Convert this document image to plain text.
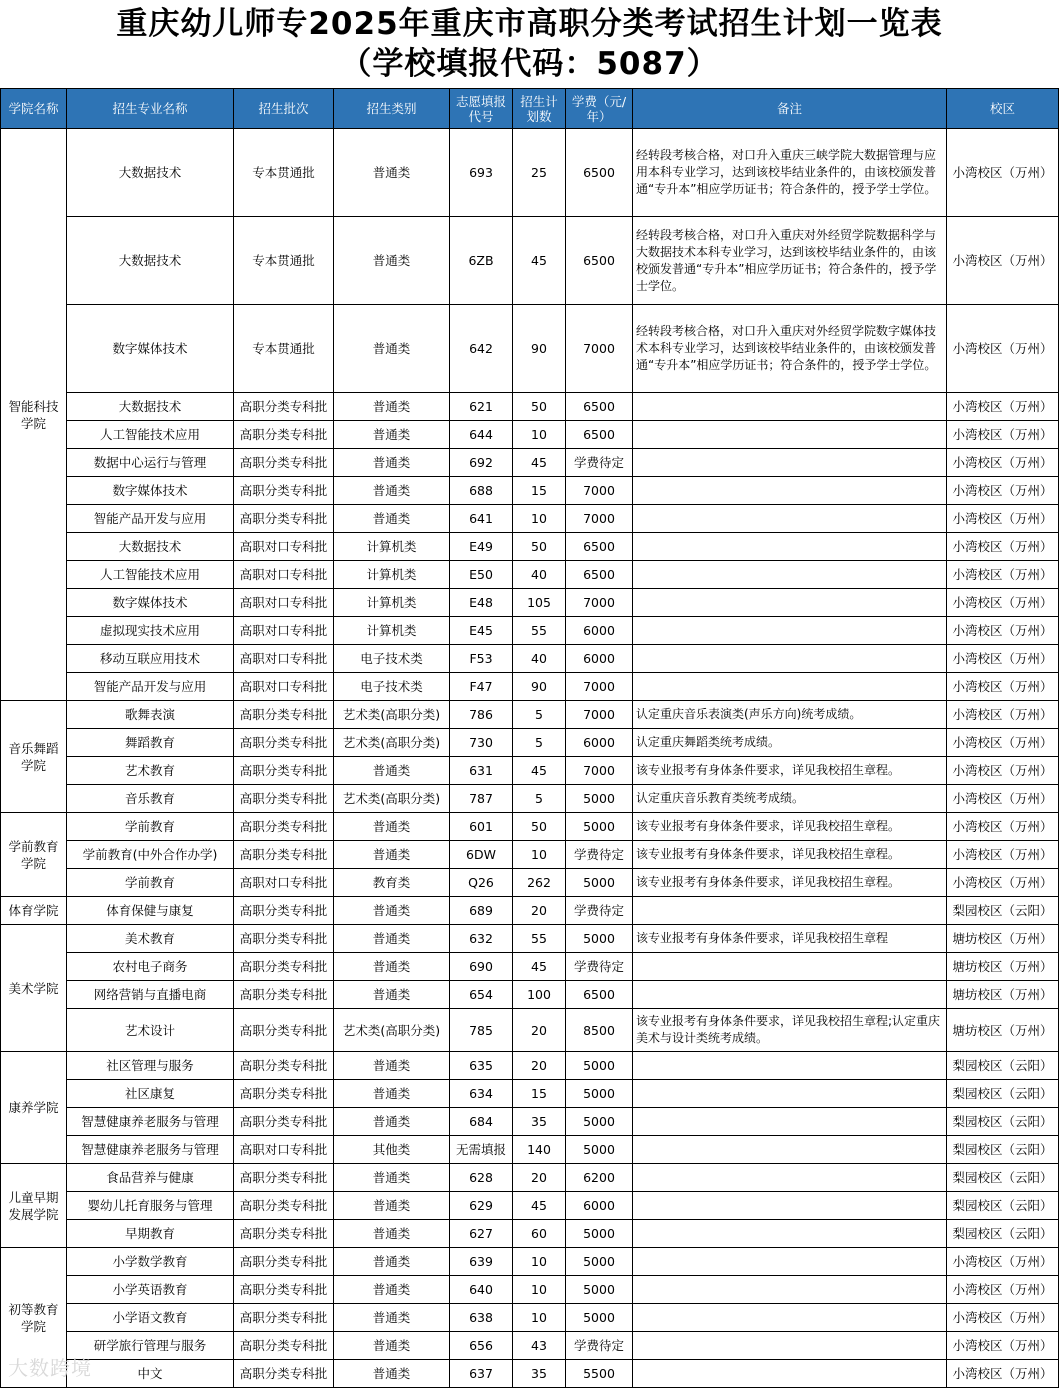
重庆幼儿师专2025年重庆市高职分类考试招生计划一览表
（学校填报代码：5087）
学院名称	招生专业名称	招生批次	招生类别	志愿填报代号	招生计划数	学费（元/年）	备注	校区
智能科技学院	大数据技术	专本贯通批	普通类	693	25	6500	经转段考核合格，对口升入重庆三峡学院大数据管理与应用本科专业学习，达到该校毕结业条件的，由该校颁发普通“专升本”相应学历证书；符合条件的，授予学士学位。	小湾校区（万州）
	大数据技术	专本贯通批	普通类	6ZB	45	6500	经转段考核合格，对口升入重庆对外经贸学院数据科学与大数据技术本科专业学习，达到该校毕结业条件的，由该校颁发普通“专升本”相应学历证书；符合条件的，授予学士学位。	小湾校区（万州）
	数字媒体技术	专本贯通批	普通类	642	90	7000	经转段考核合格，对口升入重庆对外经贸学院数字媒体技术本科专业学习，达到该校毕结业条件的，由该校颁发普通“专升本”相应学历证书；符合条件的，授予学士学位。	小湾校区（万州）
	大数据技术	高职分类专科批	普通类	621	50	6500		小湾校区（万州）
	人工智能技术应用	高职分类专科批	普通类	644	10	6500		小湾校区（万州）
	数据中心运行与管理	高职分类专科批	普通类	692	45	学费待定		小湾校区（万州）
	数字媒体技术	高职分类专科批	普通类	688	15	7000		小湾校区（万州）
	智能产品开发与应用	高职分类专科批	普通类	641	10	7000		小湾校区（万州）
	大数据技术	高职对口专科批	计算机类	E49	50	6500		小湾校区（万州）
	人工智能技术应用	高职对口专科批	计算机类	E50	40	6500		小湾校区（万州）
	数字媒体技术	高职对口专科批	计算机类	E48	105	7000		小湾校区（万州）
	虚拟现实技术应用	高职对口专科批	计算机类	E45	55	6000		小湾校区（万州）
	移动互联应用技术	高职对口专科批	电子技术类	F53	40	6000		小湾校区（万州）
	智能产品开发与应用	高职对口专科批	电子技术类	F47	90	7000		小湾校区（万州）
音乐舞蹈学院	歌舞表演	高职分类专科批	艺术类(高职分类)	786	5	7000	认定重庆音乐表演类(声乐方向)统考成绩。	小湾校区（万州）
	舞蹈教育	高职分类专科批	艺术类(高职分类)	730	5	6000	认定重庆舞蹈类统考成绩。	小湾校区（万州）
	艺术教育	高职分类专科批	普通类	631	45	7000	该专业报考有身体条件要求，详见我校招生章程。	小湾校区（万州）
	音乐教育	高职分类专科批	艺术类(高职分类)	787	5	5000	认定重庆音乐教育类统考成绩。	小湾校区（万州）
学前教育学院	学前教育	高职分类专科批	普通类	601	50	5000	该专业报考有身体条件要求，详见我校招生章程。	小湾校区（万州）
	学前教育(中外合作办学)	高职分类专科批	普通类	6DW	10	学费待定	该专业报考有身体条件要求，详见我校招生章程。	小湾校区（万州）
	学前教育	高职对口专科批	教育类	Q26	262	5000	该专业报考有身体条件要求，详见我校招生章程。	小湾校区（万州）
体育学院	体育保健与康复	高职分类专科批	普通类	689	20	学费待定		梨园校区（云阳）
美术学院	美术教育	高职分类专科批	普通类	632	55	5000	该专业报考有身体条件要求，详见我校招生章程	塘坊校区（万州）
	农村电子商务	高职分类专科批	普通类	690	45	学费待定		塘坊校区（万州）
	网络营销与直播电商	高职分类专科批	普通类	654	100	6500		塘坊校区（万州）
	艺术设计	高职分类专科批	艺术类(高职分类)	785	20	8500	该专业报考有身体条件要求，详见我校招生章程;认定重庆美术与设计类统考成绩。	塘坊校区（万州）
康养学院	社区管理与服务	高职分类专科批	普通类	635	20	5000		梨园校区（云阳）
	社区康复	高职分类专科批	普通类	634	15	5000		梨园校区（云阳）
	智慧健康养老服务与管理	高职分类专科批	普通类	684	35	5000		梨园校区（云阳）
	智慧健康养老服务与管理	高职对口专科批	其他类	无需填报	140	5000		梨园校区（云阳）
儿童早期发展学院	食品营养与健康	高职分类专科批	普通类	628	20	6200		梨园校区（云阳）
	婴幼儿托育服务与管理	高职分类专科批	普通类	629	45	6000		梨园校区（云阳）
	早期教育	高职分类专科批	普通类	627	60	5000		梨园校区（云阳）
初等教育学院	小学数学教育	高职分类专科批	普通类	639	10	5000		小湾校区（万州）
	小学英语教育	高职分类专科批	普通类	640	10	5000		小湾校区（万州）
	小学语文教育	高职分类专科批	普通类	638	10	5000		小湾校区（万州）
	研学旅行管理与服务	高职分类专科批	普通类	656	43	学费待定		小湾校区（万州）
	中文	高职分类专科批	普通类	637	35	5500		小湾校区（万州）
大数跨境
